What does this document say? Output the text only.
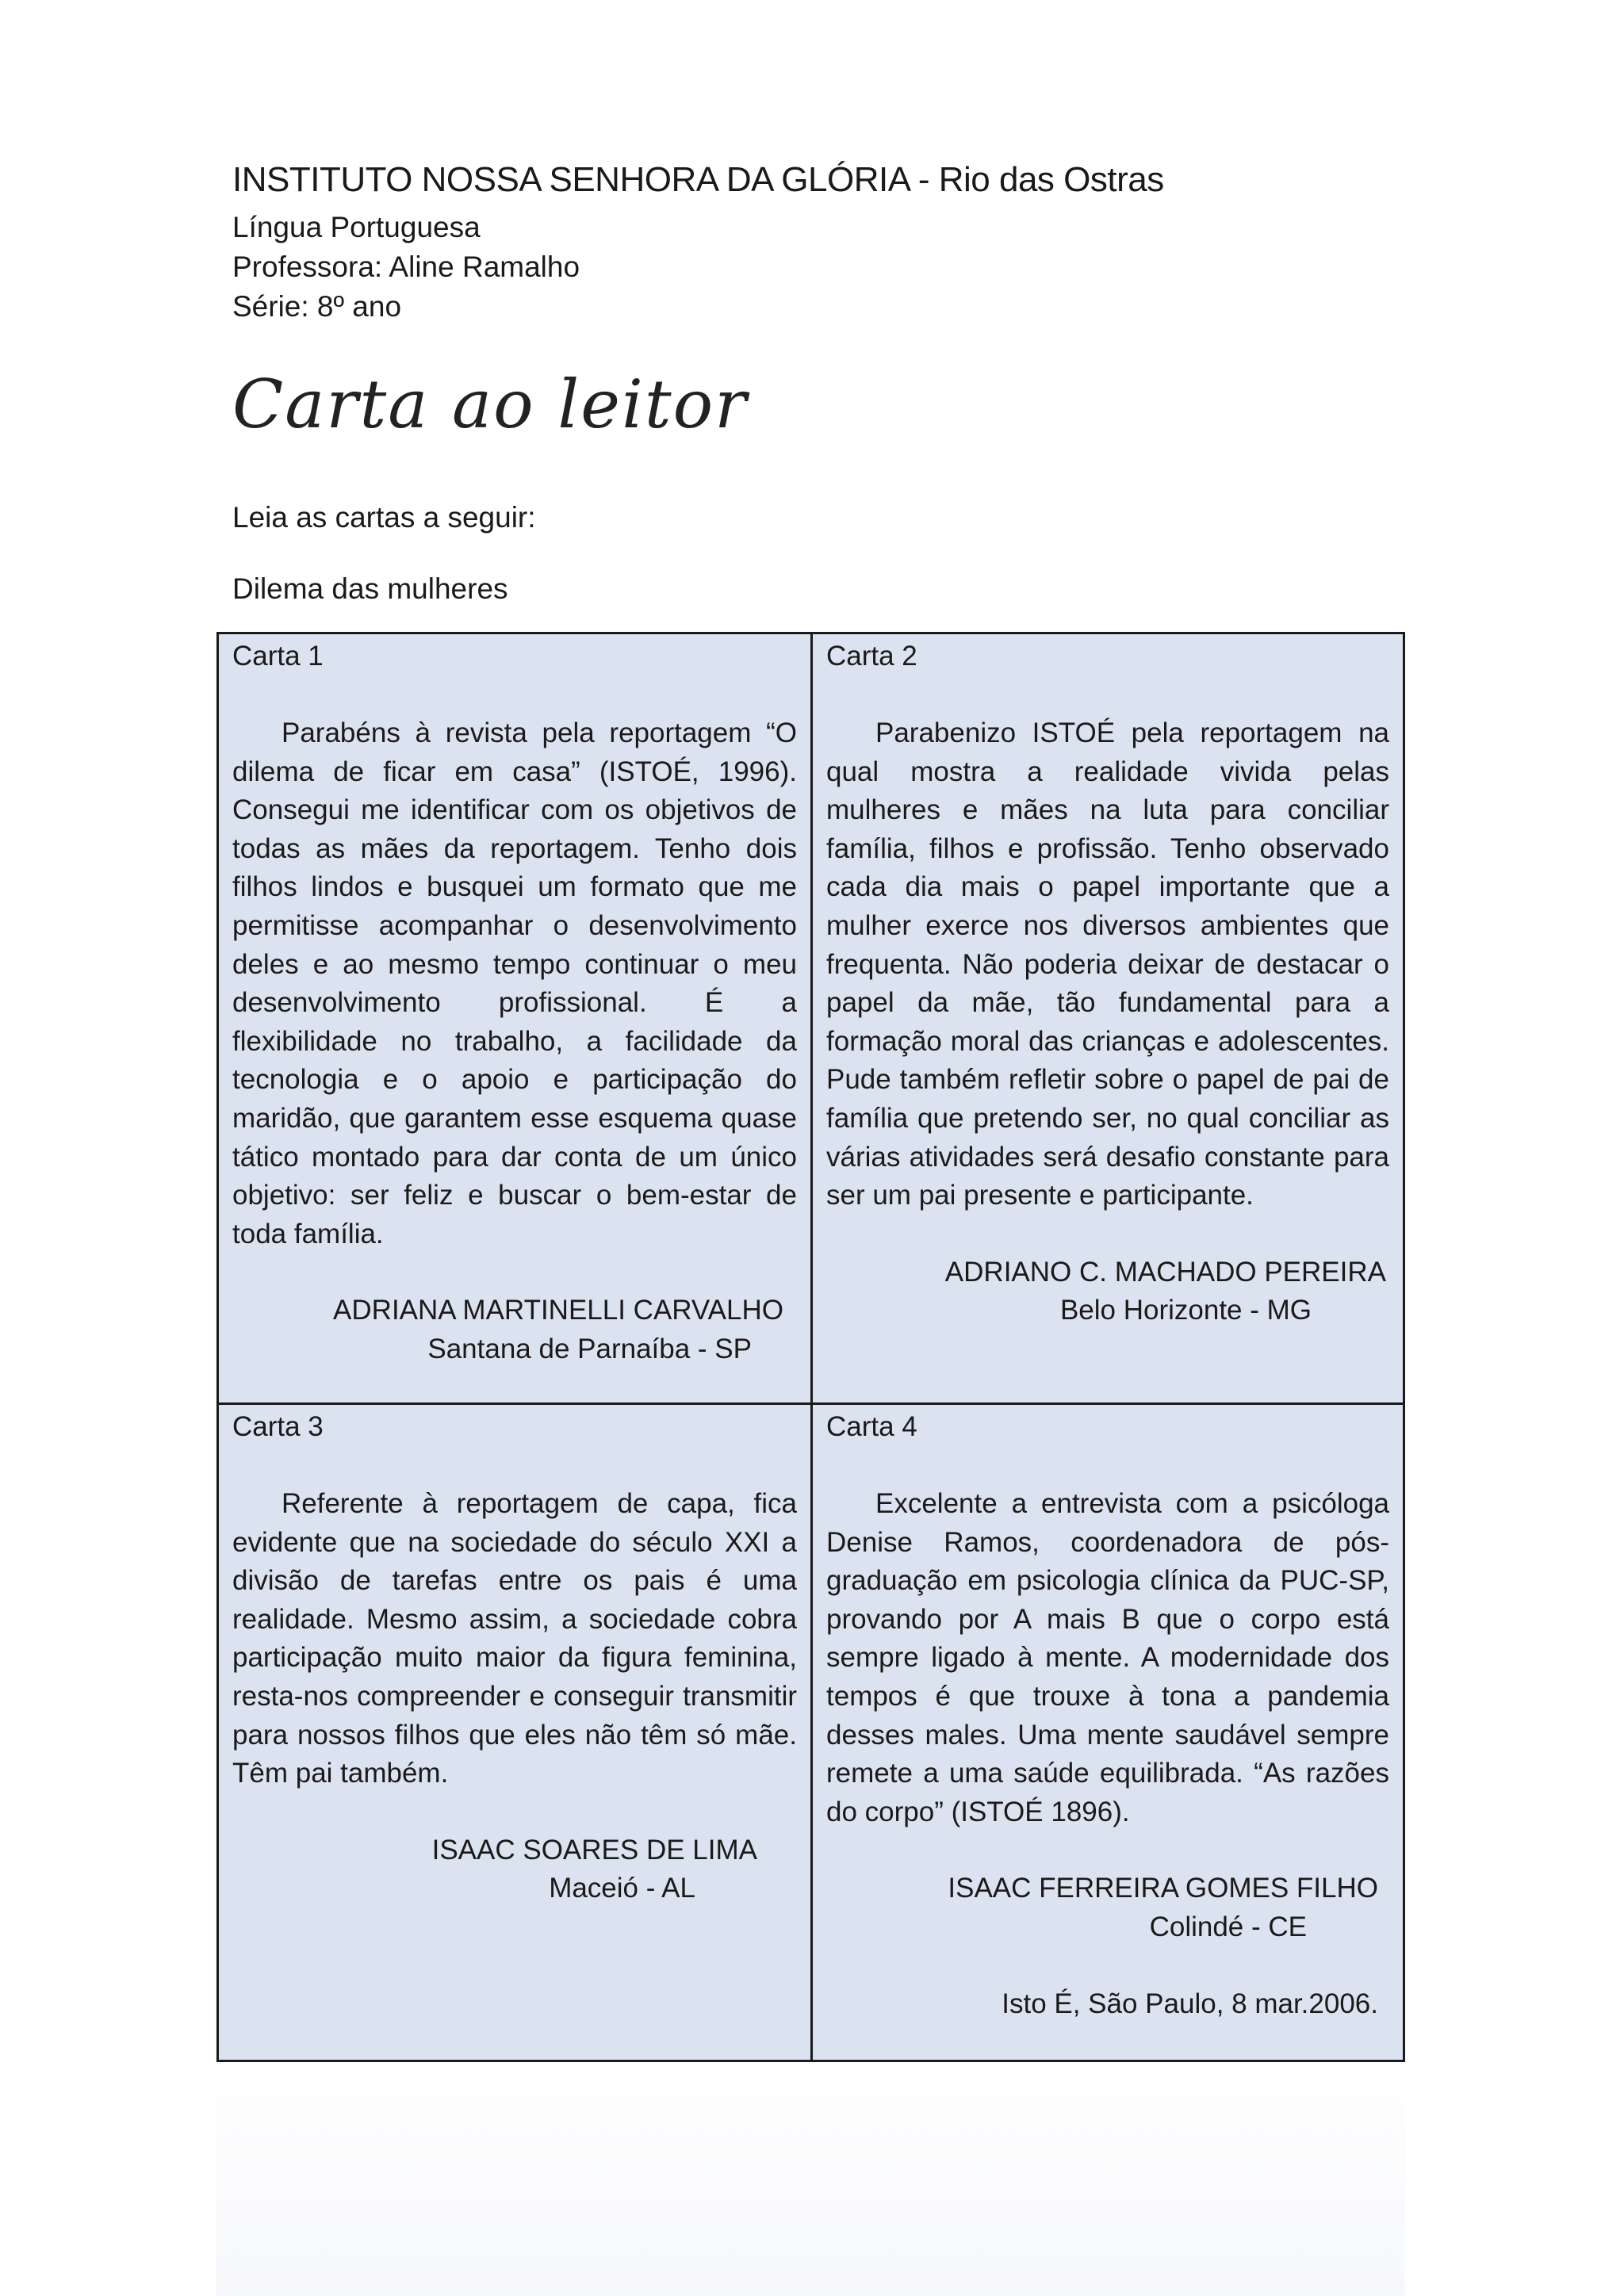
INSTITUTO NOSSA SENHORA DA GLÓRIA - Rio das Ostras
Língua Portuguesa
Professora: Aline Ramalho
Série: 8º ano
Carta ao leitor
Leia as cartas a seguir:
Dilema das mulheres
Carta 1

Parabéns à revista pela reportagem “O dilema de ficar em casa” (ISTOÉ, 1996). Consegui me identificar com os objetivos de todas as mães da reportagem. Tenho dois filhos lindos e busquei um formato que me permitisse acompanhar o desenvolvimento deles e ao mesmo tempo continuar o meu desenvolvimento profissional. É a flexibilidade no trabalho, a facilidade da tecnologia e o apoio e participação do maridão, que garantem esse esquema quase tático montado para dar conta de um único objetivo: ser feliz e buscar o bem-estar de toda família.

ADRIANA MARTINELLI CARVALHO
Santana de Parnaíba - SP
Carta 2

Parabenizo ISTOÉ pela reportagem na qual mostra a realidade vivida pelas mulheres e mães na luta para conciliar família, filhos e profissão. Tenho observado cada dia mais o papel importante que a mulher exerce nos diversos ambientes que frequenta. Não poderia deixar de destacar o papel da mãe, tão fundamental para a formação moral das crianças e adolescentes. Pude também refletir sobre o papel de pai de família que pretendo ser, no qual conciliar as várias atividades será desafio constante para ser um pai presente e participante.

ADRIANO C. MACHADO PEREIRA
Belo Horizonte - MG
Carta 3

Referente à reportagem de capa, fica evidente que na sociedade do século XXI a divisão de tarefas entre os pais é uma realidade. Mesmo assim, a sociedade cobra participação muito maior da figura feminina, resta-nos compreender e conseguir transmitir para nossos filhos que eles não têm só mãe. Têm pai também.

ISAAC SOARES DE LIMA
Maceió - AL
Carta 4

Excelente a entrevista com a psicóloga Denise Ramos, coordenadora de pós-graduação em psicologia clínica da PUC-SP, provando por A mais B que o corpo está sempre ligado à mente. A modernidade dos tempos é que trouxe à tona a pandemia desses males. Uma mente saudável sempre remete a uma saúde equilibrada. “As razões do corpo” (ISTOÉ 1896).

ISAAC FERREIRA GOMES FILHO
Colindé - CE
Isto É, São Paulo, 8 mar.2006.
